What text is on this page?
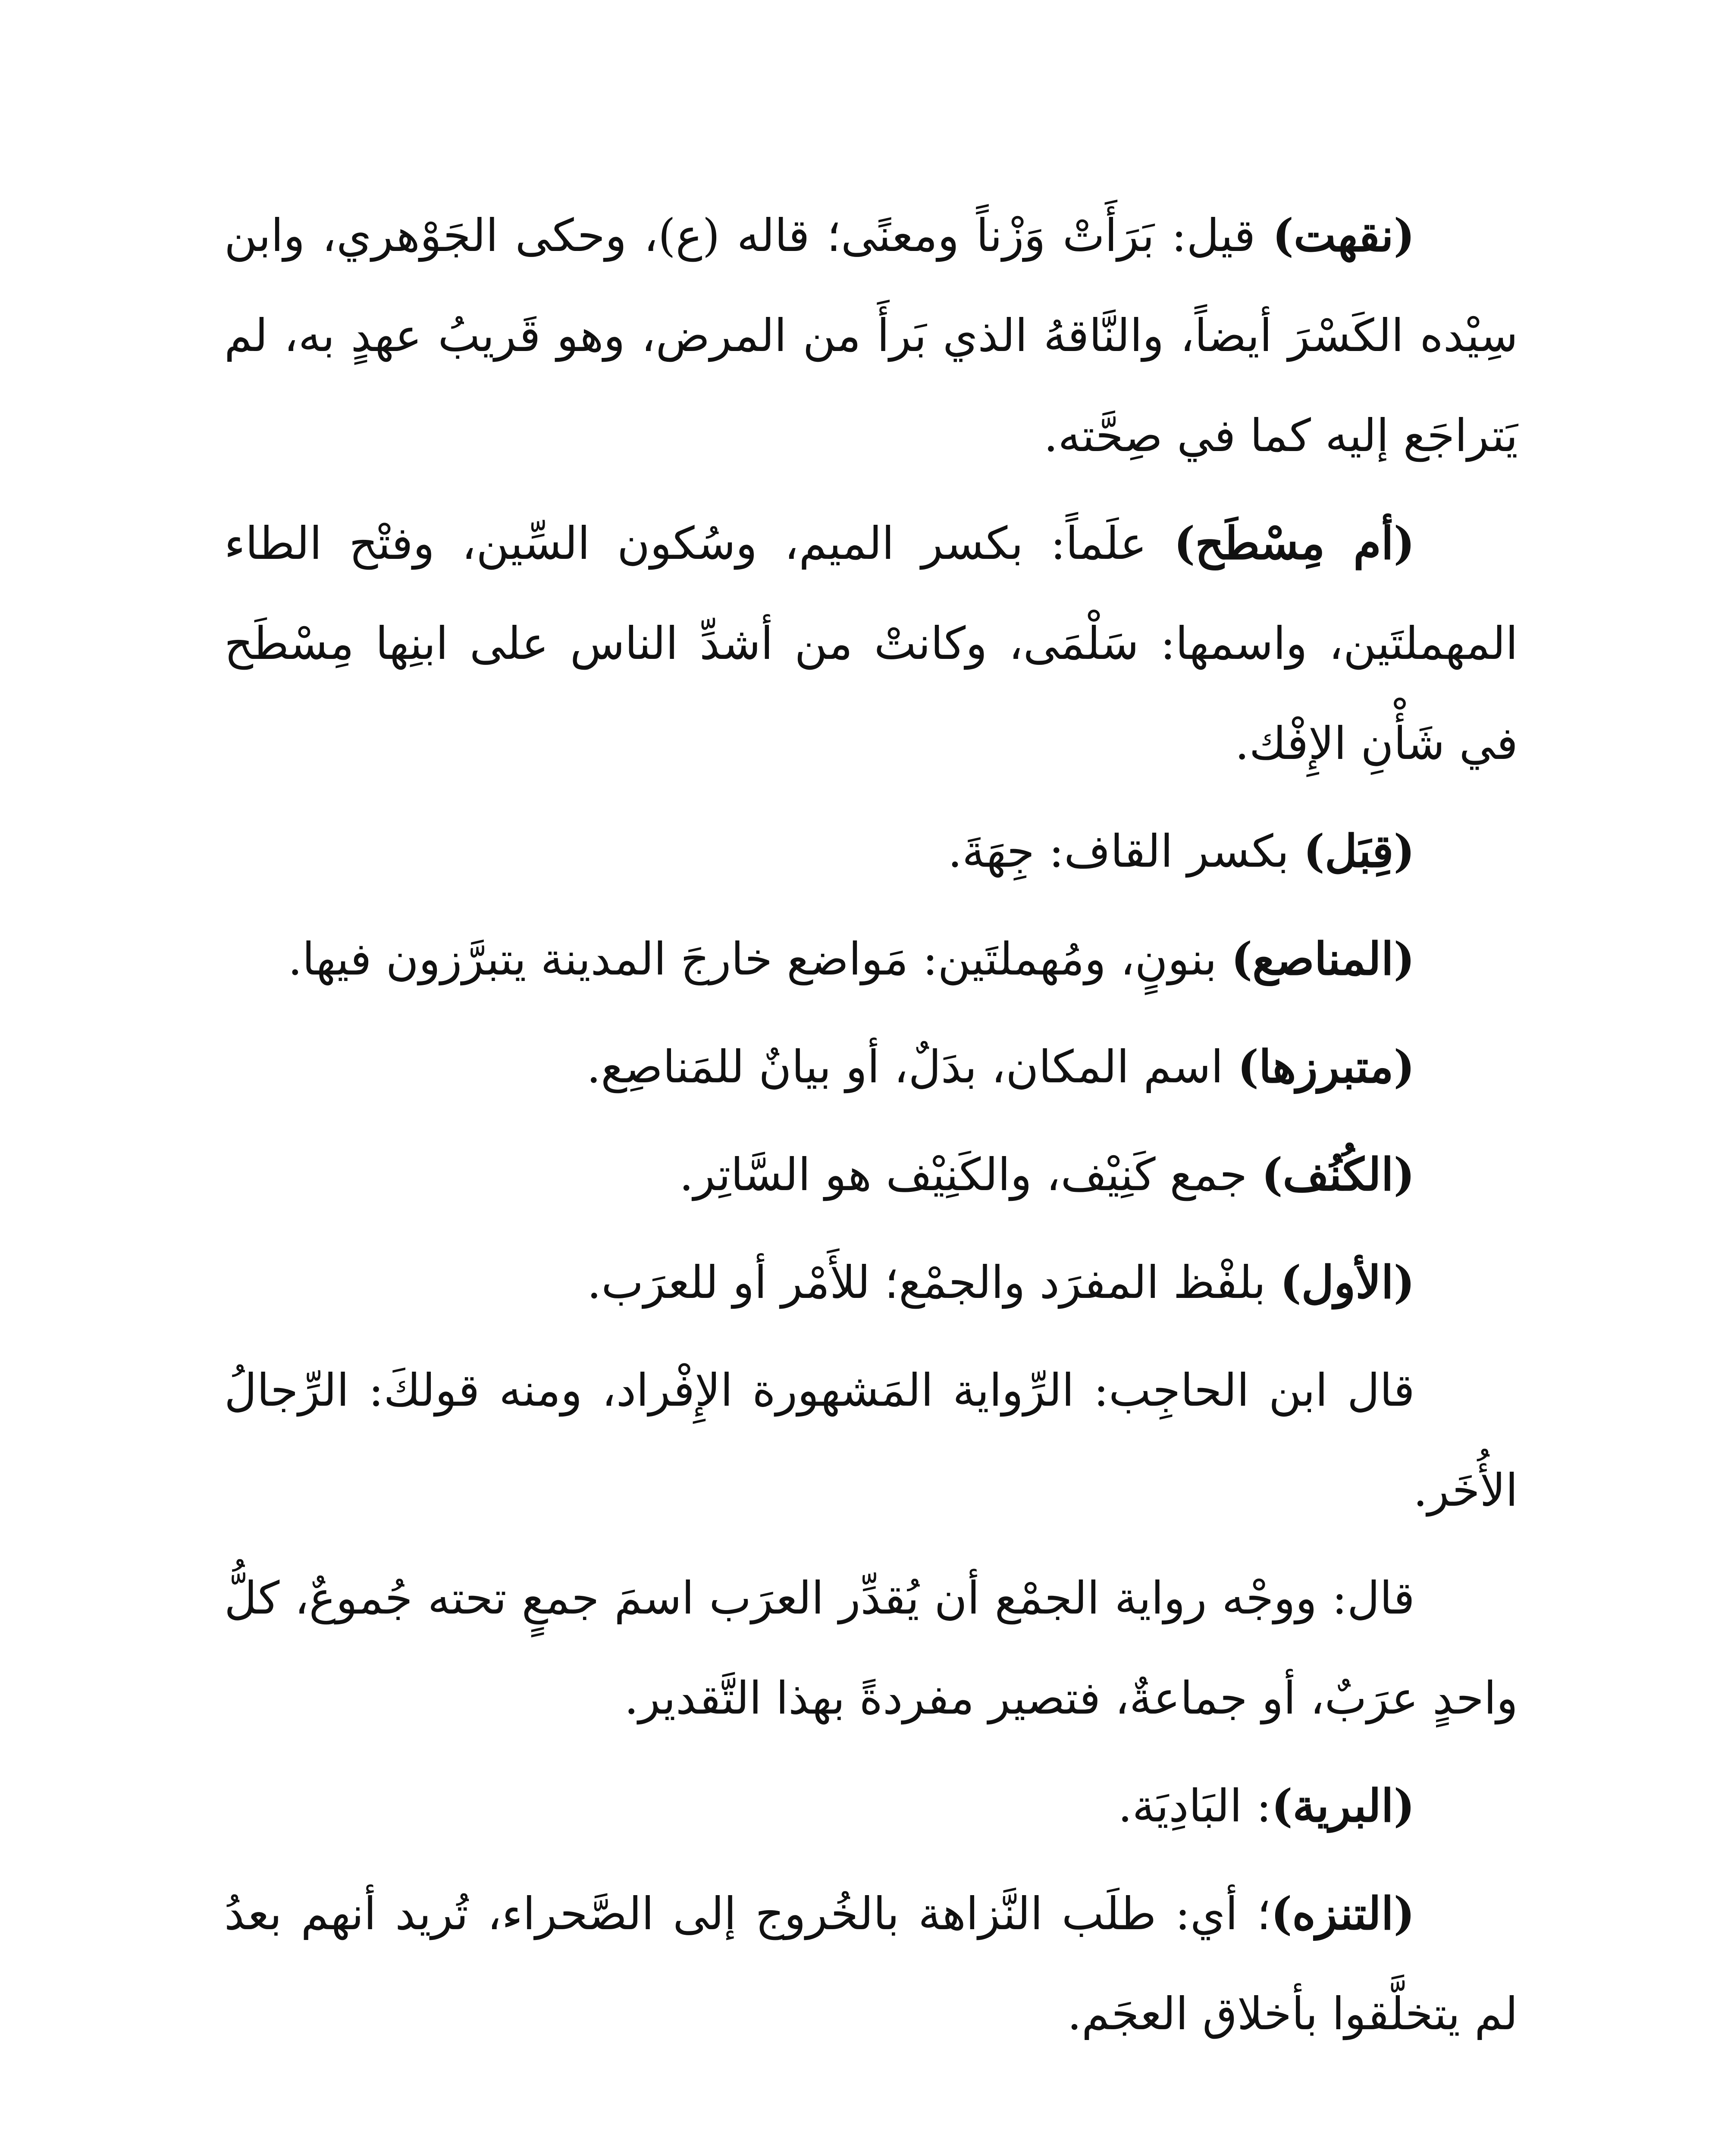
(نقهت) قيل: بَرَأَتْ وَزْناً ومعنًى؛ قاله (ع)، وحكى الجَوْهري، وابن سِيْده الكَسْرَ أيضاً، والنَّاقهُ الذي بَرأَ من المرض، وهو قَريبُ عهدٍ به، لم يَتراجَع إليه كما في صِحَّته.

(أم مِسْطَح) علَماً: بكسر الميم، وسُكون السِّين، وفتْح الطاء المهملتَين، واسمها: سَلْمَى، وكانتْ من أشدِّ الناس على ابنِها مِسْطَح في شَأْنِ الإِفْك.

(قِبَل) بكسر القاف: جِهَةَ.

(المناصع) بنونٍ، ومُهملتَين: مَواضع خارجَ المدينة يتبرَّزون فيها.

(متبرزها) اسم المكان، بدَلٌ، أو بيانٌ للمَناصِع.

(الكُنُف) جمع كَنِيْف، والكَنِيْف هو السَّاتِر.

(الأول) بلفْظ المفرَد والجمْع؛ للأَمْر أو للعرَب.

قال ابن الحاجِب: الرِّواية المَشهورة الإِفْراد، ومنه قولكَ: الرِّجالُ الأُخَر.

قال: ووجْه رواية الجمْع أن يُقدِّر العرَب اسمَ جمعٍ تحته جُموعٌ، كلُّ واحدٍ عرَبٌ، أو جماعةٌ، فتصير مفردةً بهذا التَّقدير.

(البرية): البَادِيَة.

(التنزه)؛ أي: طلَب النَّزاهة بالخُروج إلى الصَّحراء، تُريد أنهم بعدُ لم يتخلَّقوا بأخلاق العجَم.
